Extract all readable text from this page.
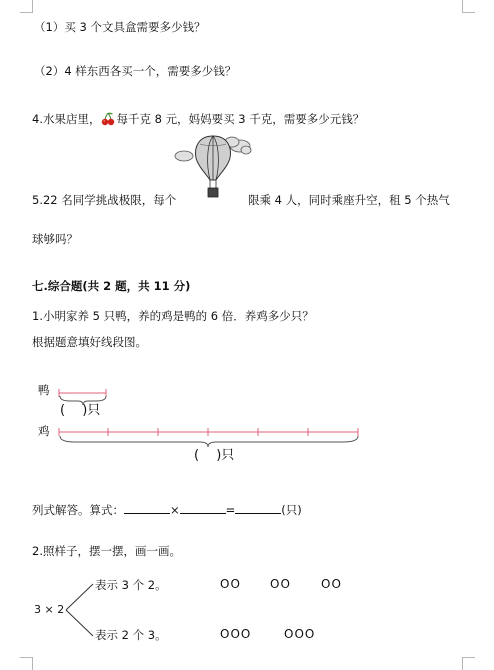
（1）买 3 个文具盒需要多少钱？
（2）4 样东西各买一个，需要多少钱？
4.水果店里， 每千克 8 元，妈妈要买 3 千克，需要多少元钱？
5.22 名同学挑战极限，每个	限乘 4 人，同时乘座升空，租 5 个热气
球够吗？
七.综合题(共 2 题，共 11 分)
1.小明家养 5 只鸭，养的鸡是鸭的 6 倍．养鸡多少只？
根据题意填好线段图。
鸭
鸡
(　 )只
(　 )只
列式解答。算式：	×	=	(只)
2.照样子，摆一摆，画一画。
3 × 2
表示 3 个 2。
表示 2 个 3。
OO OO	OO
OOO	OOO
